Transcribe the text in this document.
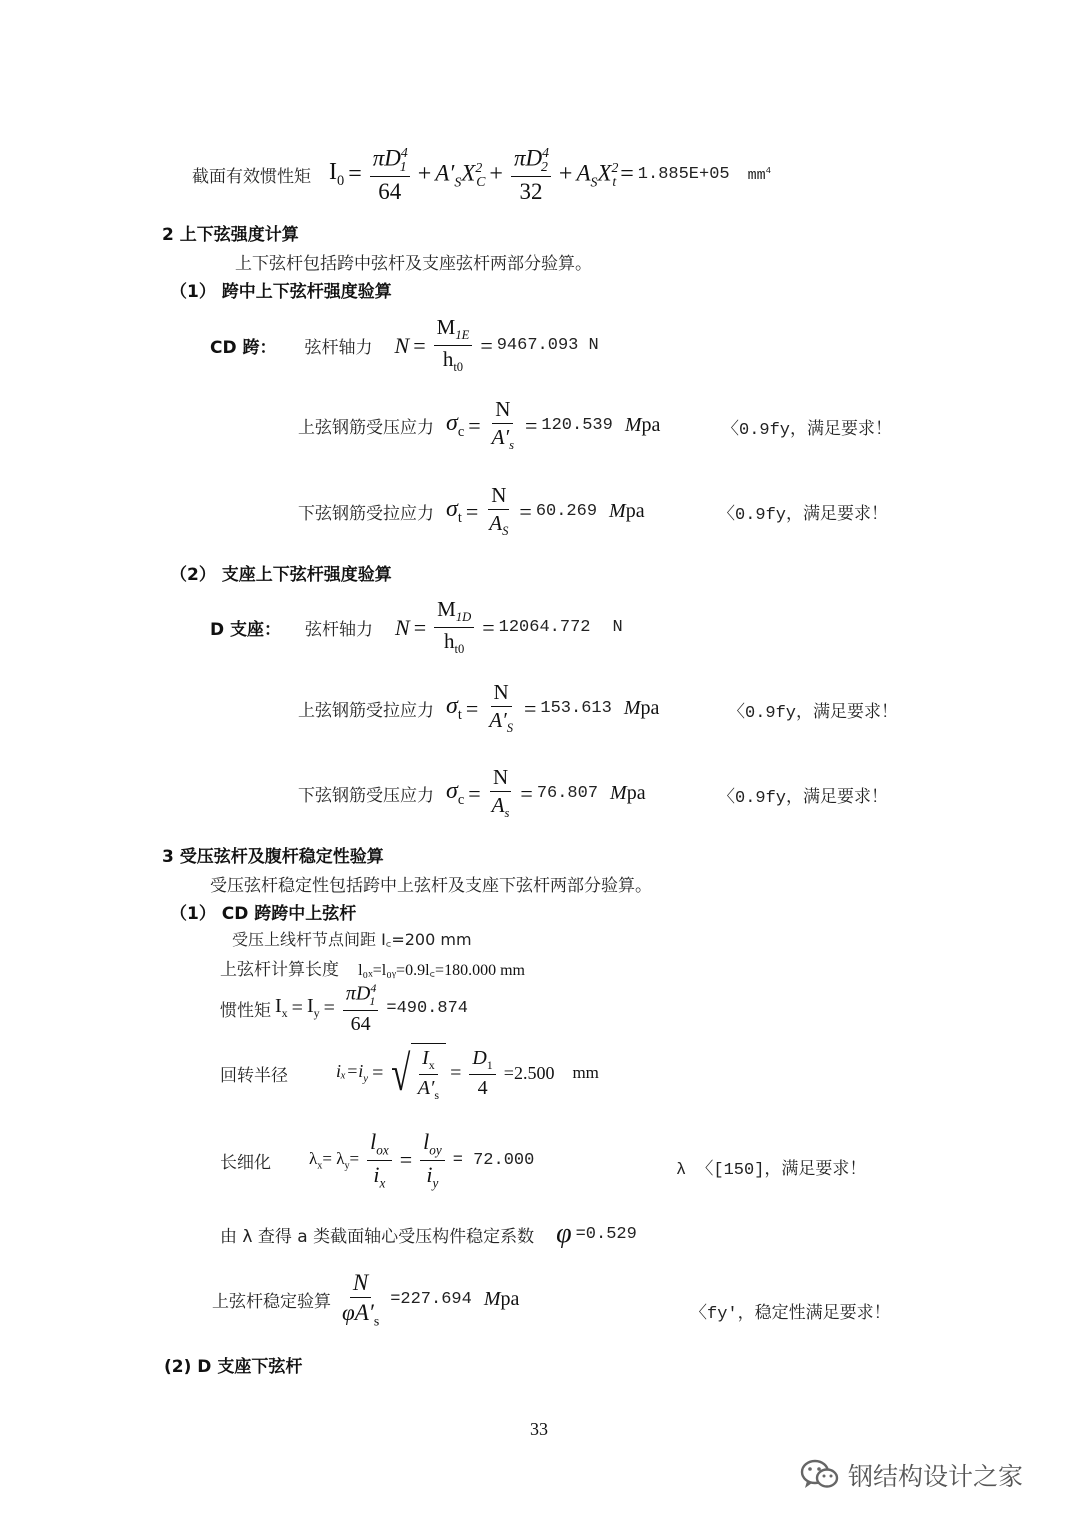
截面有效惯性矩 $I_0 = \frac{\pi D^4_1}{64} + A'_SX^2_C + \frac{\pi D^4_2}{32} + A_SX^2_t = 1.885E+05$ $mm^4$
2 上下弦强度计算
上下弦杆包括跨中弦杆及支座弦杆两部分验算。
（1） 跨中上下弦杆强度验算
CD 跨： 弦杆轴力 $N = \frac{M_{1E}}{h_{t0}} = 9467.093$ N
上弦钢筋受压应力 $\sigma_c = \frac{N}{A'_s} = 120.539$ Mpa	〈0.9fy，满足要求！
下弦钢筋受拉应力 $\sigma_t = \frac{N}{A_S} = 60.269$ Mpa	〈0.9fy，满足要求！
（2） 支座上下弦杆强度验算
D 支座： 弦杆轴力 $N = \frac{M_{1D}}{h_{t0}} = 12064.772$ N
上弦钢筋受拉应力 $\sigma_t = \frac{N}{A'_S} = 153.613$ Mpa	〈0.9fy，满足要求！
下弦钢筋受压应力 $\sigma_c = \frac{N}{A_s} = 76.807$ Mpa	〈0.9fy，满足要求！
3 受压弦杆及腹杆稳定性验算
受压弦杆稳定性包括跨中上弦杆及支座下弦杆两部分验算。
（1） CD 跨跨中上弦杆
受压上线杆节点间距 I꜀=200 mm
上弦杆计算长度 l₀ₓ=l₀ᵧ=0.9l꜀=180.000 mm
惯性矩 $I_x = I_y = \frac{\pi D^4_1}{64} =490.874$
回转半径	$i_x=i_y$ = √ $\frac{I_x}{A'_s} = \frac{D_1}{4} =2.500$ mm
长细化 $\lambda_x= \lambda_y= \frac{l_{ox}}{i_x} = \frac{l_{oy}}{i_y} = 72.000$
λ 〈[150]，满足要求！
由 λ 查得 a 类截面轴心受压构件稳定系数 φ =0.529
上弦杆稳定验算 $\frac{N}{\varphi A'_s} =227.694$ Mpa
〈fy′，稳定性满足要求！
(2) D 支座下弦杆
33
钢结构设计之家
